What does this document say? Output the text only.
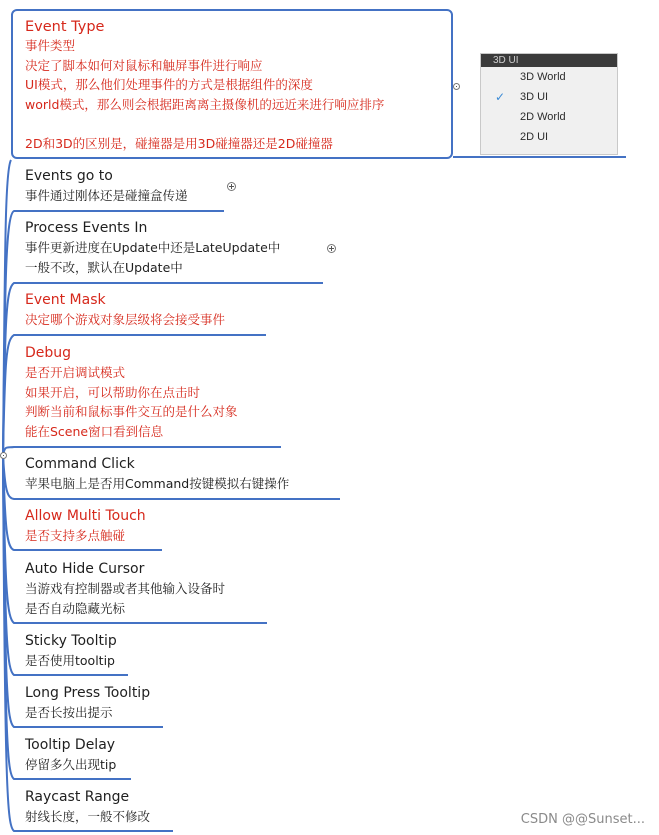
Event Type
事件类型
决定了脚本如何对鼠标和触屏事件进行响应
UI模式，那么他们处理事件的方式是根据组件的深度
world模式，那么则会根据距离离主摄像机的远近来进行响应排序
2D和3D的区别是，碰撞器是用3D碰撞器还是2D碰撞器
Events go to
事件通过刚体还是碰撞盒传递
Process Events In
事件更新进度在Update中还是LateUpdate中
一般不改，默认在Update中
Event Mask
决定哪个游戏对象层级将会接受事件
Debug
是否开启调试模式
如果开启，可以帮助你在点击时
判断当前和鼠标事件交互的是什么对象
能在Scene窗口看到信息
Command Click
苹果电脑上是否用Command按键模拟右键操作
Allow Multi Touch
是否支持多点触碰
Auto Hide Cursor
当游戏有控制器或者其他输入设备时
是否自动隐藏光标
Sticky Tooltip
是否使用tooltip
Long Press Tooltip
是否长按出提示
Tooltip Delay
停留多久出现tip
Raycast Range
射线长度，一般不修改
3D UI
3D World
✓ 3D UI
2D World
2D UI
CSDN @@Sunset...
